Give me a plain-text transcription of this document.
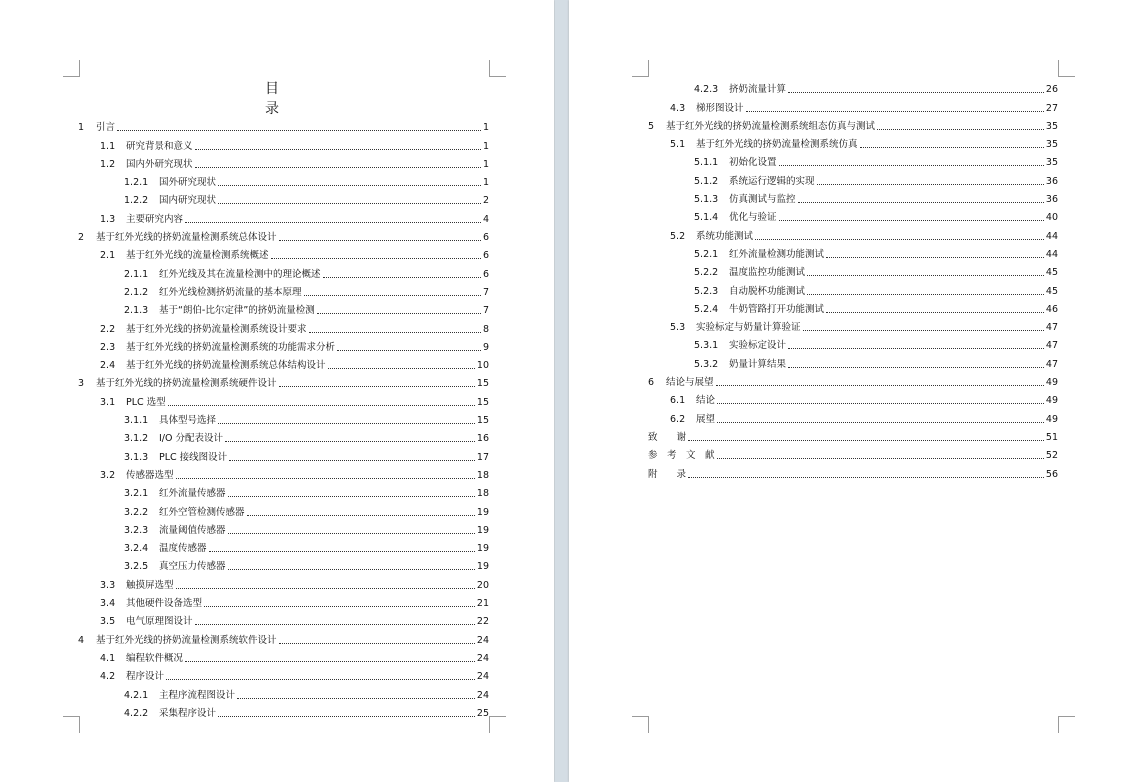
目 录
1	引言	1
1.1	研究背景和意义	1
1.2	国内外研究现状	1
1.2.1	国外研究现状	1
1.2.2	国内研究现状	2
1.3	主要研究内容	4
2	基于红外光线的挤奶流量检测系统总体设计	6
2.1	基于红外光线的流量检测系统概述	6
2.1.1	红外光线及其在流量检测中的理论概述	6
2.1.2	红外光线检测挤奶流量的基本原理	7
2.1.3	基于“朗伯-比尔定律”的挤奶流量检测	7
2.2	基于红外光线的挤奶流量检测系统设计要求	8
2.3	基于红外光线的挤奶流量检测系统的功能需求分析	9
2.4	基于红外光线的挤奶流量检测系统总体结构设计	10
3	基于红外光线的挤奶流量检测系统硬件设计	15
3.1	PLC 选型	15
3.1.1	具体型号选择	15
3.1.2	I/O 分配表设计	16
3.1.3	PLC 接线图设计	17
3.2	传感器选型	18
3.2.1	红外流量传感器	18
3.2.2	红外空管检测传感器	19
3.2.3	流量阈值传感器	19
3.2.4	温度传感器	19
3.2.5	真空压力传感器	19
3.3	触摸屏选型	20
3.4	其他硬件设备选型	21
3.5	电气原理图设计	22
4	基于红外光线的挤奶流量检测系统软件设计	24
4.1	编程软件概况	24
4.2	程序设计	24
4.2.1	主程序流程图设计	24
4.2.2	采集程序设计	25
4.2.3	挤奶流量计算	26
4.3	梯形图设计	27
5	基于红外光线的挤奶流量检测系统组态仿真与测试	35
5.1	基于红外光线的挤奶流量检测系统仿真	35
5.1.1	初始化设置	35
5.1.2	系统运行逻辑的实现	36
5.1.3	仿真测试与监控	36
5.1.4	优化与验证	40
5.2	系统功能测试	44
5.2.1	红外流量检测功能测试	44
5.2.2	温度监控功能测试	45
5.2.3	自动脱杯功能测试	45
5.2.4	牛奶管路打开功能测试	46
5.3	实验标定与奶量计算验证	47
5.3.1	实验标定设计	47
5.3.2	奶量计算结果	47
6	结论与展望	49
6.1	结论	49
6.2	展望	49
致　　谢	51
参　考　文　献	52
附　　录	56
